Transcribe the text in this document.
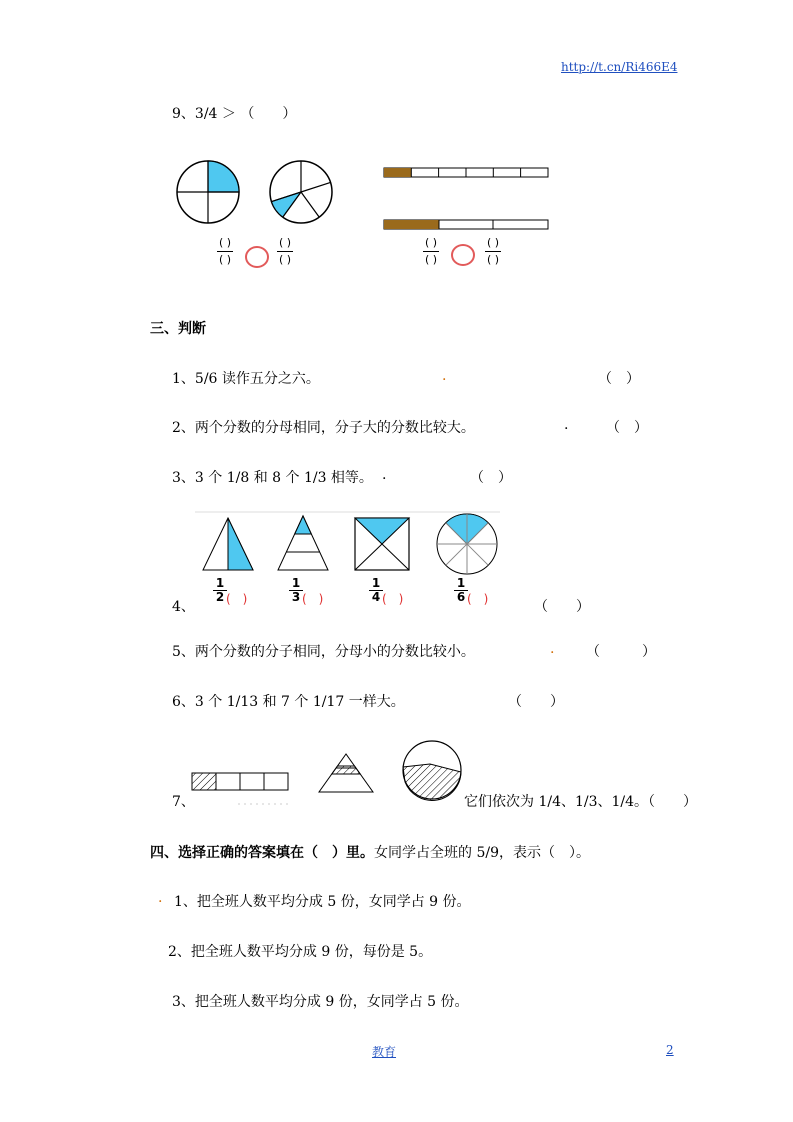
http://t.cn/Ri466E4
9、3/4 ＞ （　　）
( )
( )
( )
( )
( )
( )
( )
( )
三、判断
1、5/6 读作五分之六。	.	（　）
2、两个分数的分母相同，分子大的分数比较大。	.	（　）
3、3 个 1/8 和 8 个 1/3 相等。 .	（　）
1
2 (　)
1
3 (　)
1
4 (　)
1
6 (　)
4、	（　　）
5、两个分数的分子相同，分母小的分数比较小。	. （　　　）
6、3 个 1/13 和 7 个 1/17 一样大。	（　　）
7、	它们依次为 1/4、1/3、1/4。（　　）
四、选择正确的答案填在（　）里。女同学占全班的 5/9，表示（　）。
. 1、把全班人数平均分成 5 份，女同学占 9 份。
2、把全班人数平均分成 9 份，每份是 5。
3、把全班人数平均分成 9 份，女同学占 5 份。
教育	2
